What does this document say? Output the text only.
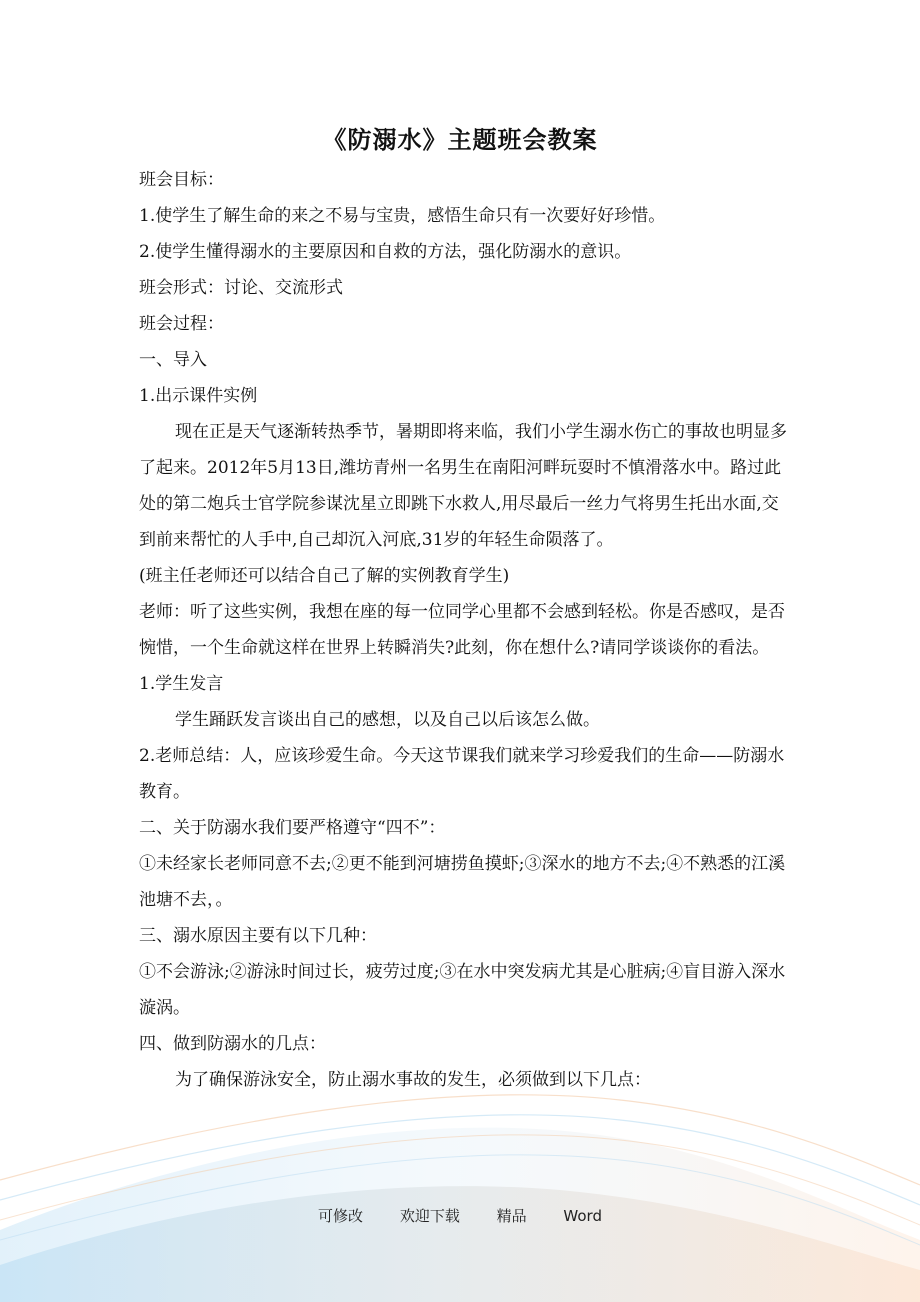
《防溺水》主题班会教案

班会目标：

1.使学生了解生命的来之不易与宝贵，感悟生命只有一次要好好珍惜。

2.使学生懂得溺水的主要原因和自救的方法，强化防溺水的意识。

班会形式：讨论、交流形式

班会过程：

一、导入

1.出示课件实例

现在正是天气逐渐转热季节，暑期即将来临，我们小学生溺水伤亡的事故也明显多了起来。2012年5月13日,潍坊青州一名男生在南阳河畔玩耍时不慎滑落水中。路过此处的第二炮兵士官学院参谋沈星立即跳下水救人,用尽最后一丝力气将男生托出水面,交到前来帮忙的人手中,自己却沉入河底,31岁的年轻生命陨落了。

(班主任老师还可以结合自己了解的实例教育学生)

老师：听了这些实例，我想在座的每一位同学心里都不会感到轻松。你是否感叹，是否惋惜，一个生命就这样在世界上转瞬消失?此刻，你在想什么?请同学谈谈你的看法。

1.学生发言

学生踊跃发言谈出自己的感想，以及自己以后该怎么做。

2.老师总结：人，应该珍爱生命。今天这节课我们就来学习珍爱我们的生命——防溺水教育。

二、关于防溺水我们要严格遵守“四不”：

①未经家长老师同意不去;②更不能到河塘捞鱼摸虾;③深水的地方不去;④不熟悉的江溪池塘不去，。

三、溺水原因主要有以下几种：

①不会游泳;②游泳时间过长，疲劳过度;③在水中突发病尤其是心脏病;④盲目游入深水漩涡。

四、做到防溺水的几点：

为了确保游泳安全，防止溺水事故的发生，必须做到以下几点：

可修改 欢迎下载 精品 Word
